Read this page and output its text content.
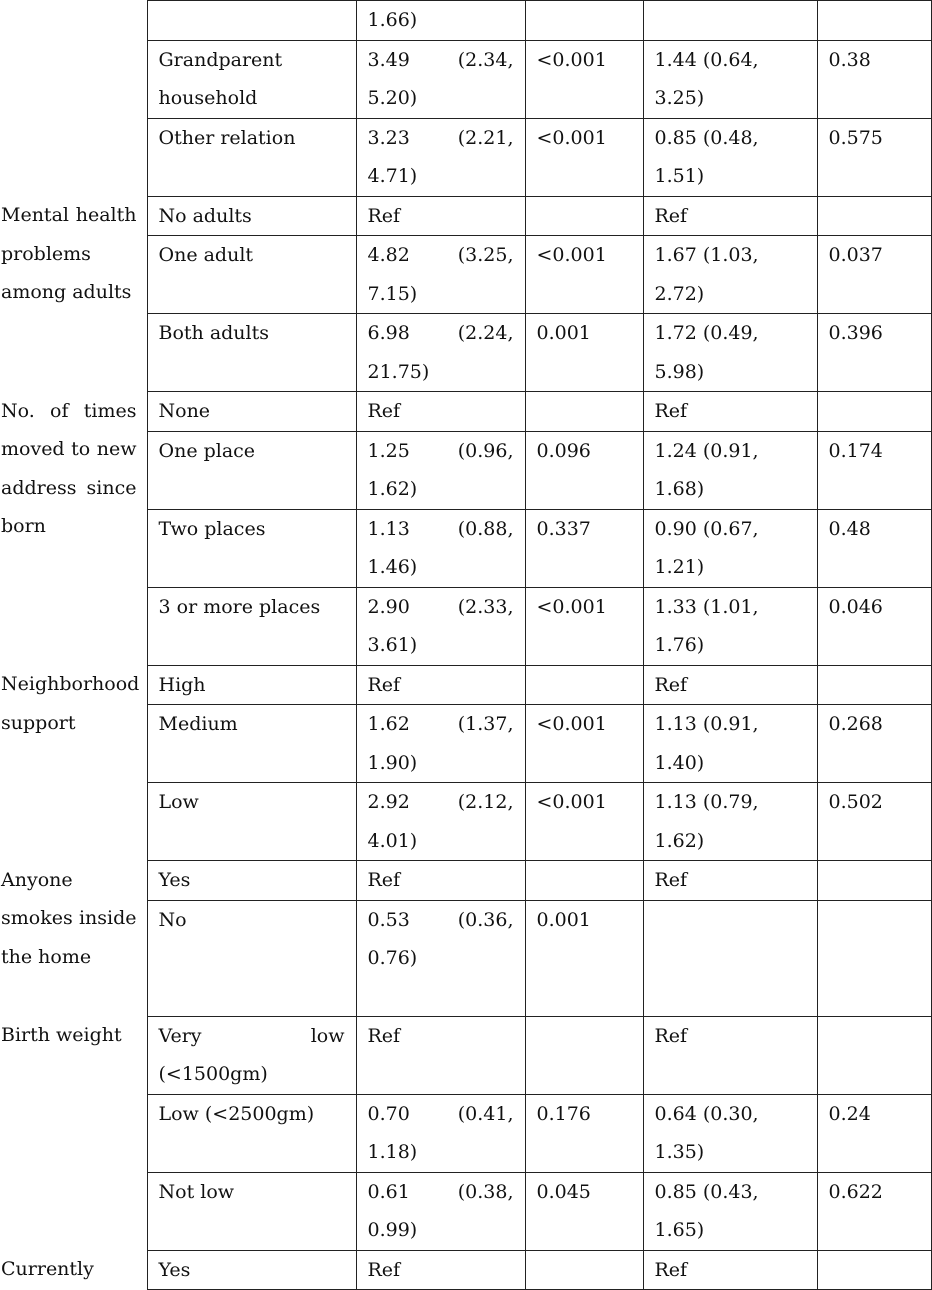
		1.66)			

	Grandparent household	3.49 (2.34,
5.20)	<0.001	1.44 (0.64, 3.25)	0.38
	Other relation	3.23 (2.21,
4.71)	<0.001	0.85 (0.48, 1.51)	0.575
Mental health problems among adults	No adults	Ref		Ref	
	One adult	4.82 (3.25,
7.15)	<0.001	1.67 (1.03, 2.72)	0.037
	Both adults	6.98 (2.24,
21.75)	0.001	1.72 (0.49, 5.98)	0.396
No. of times moved to new address since born	None	Ref		Ref	
	One place	1.25 (0.96,
1.62)	0.096	1.24 (0.91, 1.68)	0.174
	Two places	1.13 (0.88,
1.46)	0.337	0.90 (0.67, 1.21)	0.48
	3 or more places	2.90 (2.33,
3.61)	<0.001	1.33 (1.01, 1.76)	0.046
Neighborhood support	High	Ref		Ref	
	Medium	1.62 (1.37,
1.90)	<0.001	1.13 (0.91, 1.40)	0.268
	Low	2.92 (2.12,
4.01)	<0.001	1.13 (0.79, 1.62)	0.502
Anyone smokes inside the home	Yes	Ref		Ref	
	No	0.53 (0.36,
0.76)	0.001		
Birth weight	Very low (<1500gm)	Ref		Ref	
	Low (<2500gm)	0.70 (0.41,
1.18)	0.176	0.64 (0.30, 1.35)	0.24
	Not low	0.61 (0.38,
0.99)	0.045	0.85 (0.43, 1.65)	0.622
Currently	Yes	Ref		Ref	
